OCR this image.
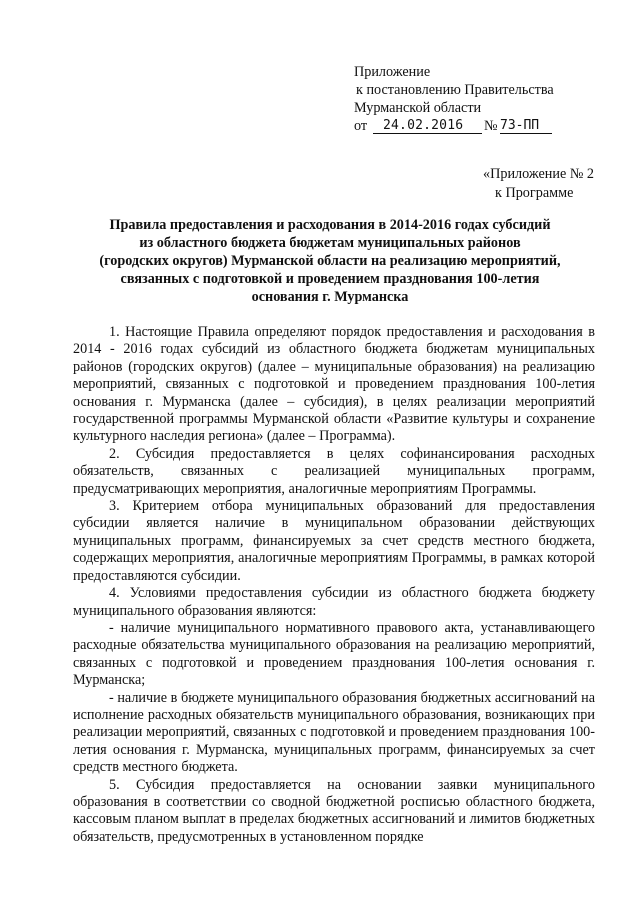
Приложение
к постановлению Правительства
Мурманской области
от 24.02.2016 № 73-ПП
«Приложение № 2
к Программе
Правила предоставления и расходования в 2014-2016 годах субсидий
из областного бюджета бюджетам муниципальных районов
(городских округов) Мурманской области на реализацию мероприятий,
связанных с подготовкой и проведением празднования 100-летия
основания г. Мурманска

1. Настоящие Правила определяют порядок предоставления и расходования в 2014 - 2016 годах субсидий из областного бюджета бюджетам муниципальных районов (городских округов) (далее – муниципальные образования) на реализацию мероприятий, связанных с подготовкой и проведением празднования 100-летия основания г. Мурманска (далее – субсидия), в целях реализации мероприятий государственной программы Мурманской области «Развитие культуры и сохранение культурного наследия региона» (далее – Программа).

2. Субсидия предоставляется в целях софинансирования расходных обязательств, связанных с реализацией муниципальных программ, предусматривающих мероприятия, аналогичные мероприятиям Программы.

3. Критерием отбора муниципальных образований для предоставления субсидии является наличие в муниципальном образовании действующих муниципальных программ, финансируемых за счет средств местного бюджета, содержащих мероприятия, аналогичные мероприятиям Программы, в рамках которой предоставляются субсидии.

4. Условиями предоставления субсидии из областного бюджета бюджету муниципального образования являются:

- наличие муниципального нормативного правового акта, устанавливающего расходные обязательства муниципального образования на реализацию мероприятий, связанных с подготовкой и проведением празднования 100-летия основания г. Мурманска;

- наличие в бюджете муниципального образования бюджетных ассигнований на исполнение расходных обязательств муниципального образования, возникающих при реализации мероприятий, связанных с подготовкой и проведением празднования 100-летия основания г. Мурманска, муниципальных программ, финансируемых за счет средств местного бюджета.

5. Субсидия предоставляется на основании заявки муниципального образования в соответствии со сводной бюджетной росписью областного бюджета, кассовым планом выплат в пределах бюджетных ассигнований и лимитов бюджетных обязательств, предусмотренных в установленном порядке
